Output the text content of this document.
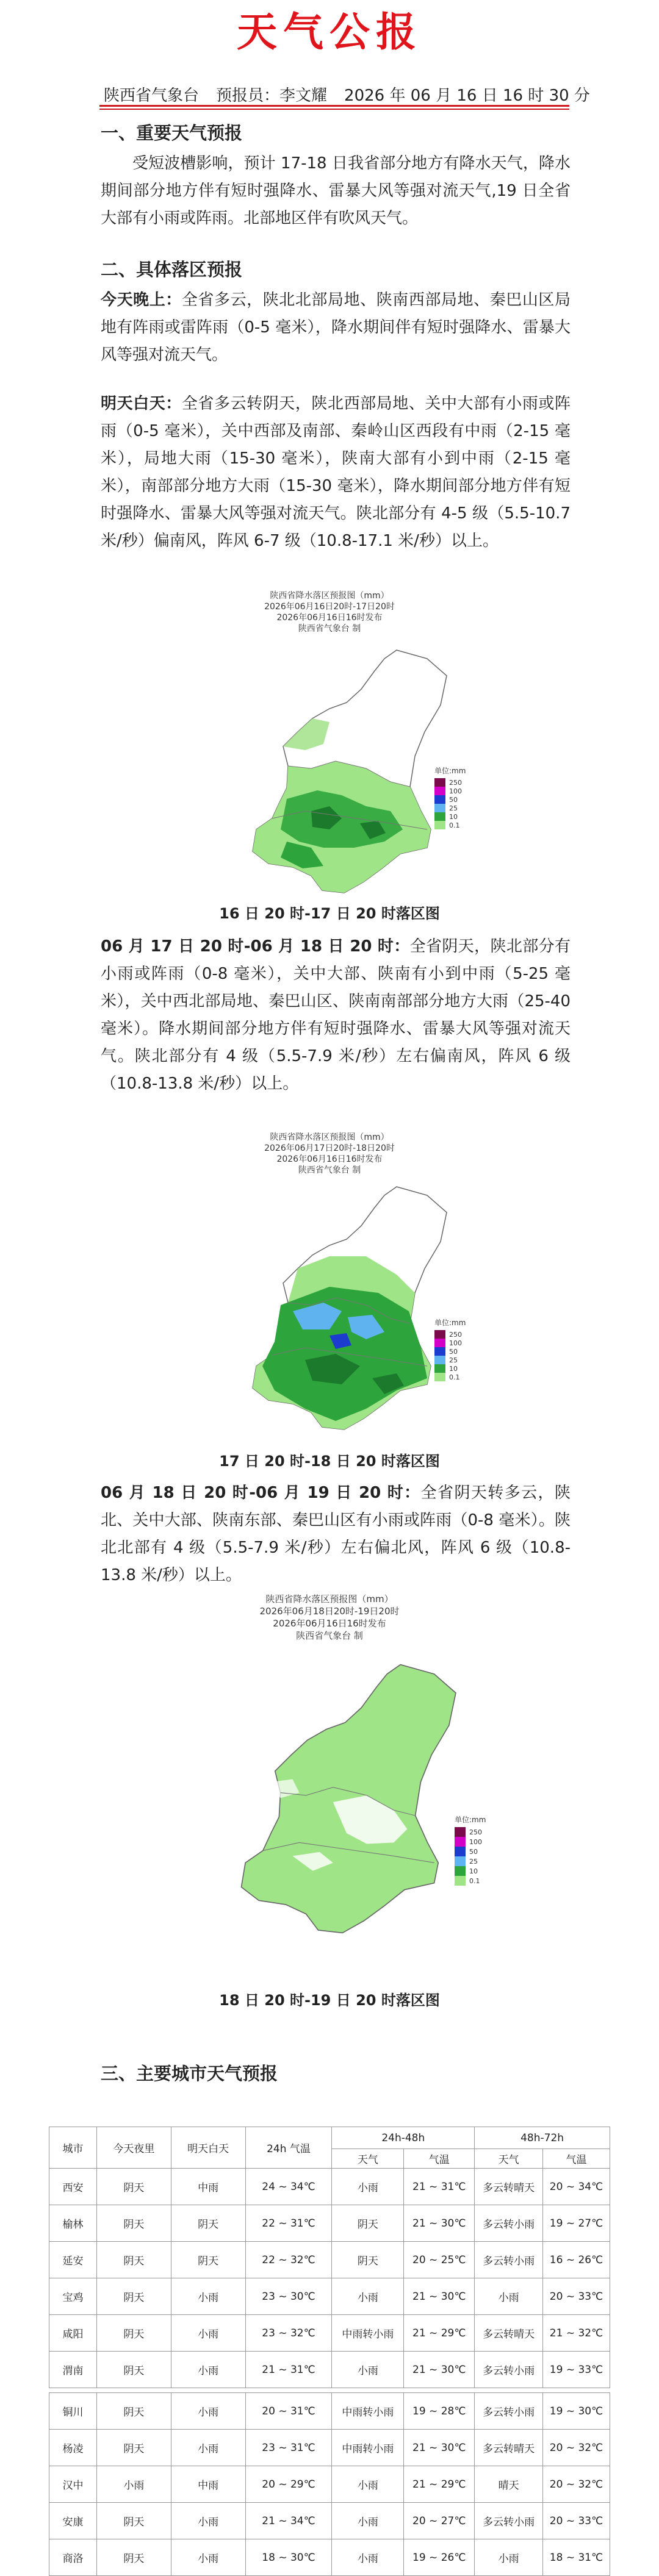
天气公报
陕西省气象台 预报员：李文耀 2026 年 06 月 16 日 16 时 30 分
一、重要天气预报
受短波槽影响，预计 17-18 日我省部分地方有降水天气，降水期间部分地方伴有短时强降水、雷暴大风等强对流天气,19 日全省大部有小雨或阵雨。北部地区伴有吹风天气。
二、具体落区预报
今天晚上：全省多云，陕北北部局地、陕南西部局地、秦巴山区局地有阵雨或雷阵雨（0-5 毫米），降水期间伴有短时强降水、雷暴大风等强对流天气。
明天白天：全省多云转阴天，陕北西部局地、关中大部有小雨或阵雨（0-5 毫米），关中西部及南部、秦岭山区西段有中雨（2-15 毫米），局地大雨（15-30 毫米），陕南大部有小到中雨（2-15 毫米），南部部分地方大雨（15-30 毫米），降水期间部分地方伴有短时强降水、雷暴大风等强对流天气。陕北部分有 4-5 级（5.5-10.7 米/秒）偏南风，阵风 6-7 级（10.8-17.1 米/秒）以上。
陕西省降水落区预报图（mm）
2026年06月16日20时-17日20时
2026年06月16日16时发布
陕西省气象台 制
单位:mm
250
100
50
25
10
0.1
16 日 20 时-17 日 20 时落区图
06 月 17 日 20 时-06 月 18 日 20 时：全省阴天，陕北部分有小雨或阵雨（0-8 毫米），关中大部、陕南有小到中雨（5-25 毫米），关中西北部局地、秦巴山区、陕南南部部分地方大雨（25-40 毫米）。降水期间部分地方伴有短时强降水、雷暴大风等强对流天气。陕北部分有 4 级（5.5-7.9 米/秒）左右偏南风，阵风 6 级（10.8-13.8 米/秒）以上。
陕西省降水落区预报图（mm）
2026年06月17日20时-18日20时
2026年06月16日16时发布
陕西省气象台 制
单位:mm
250
100
50
25
10
0.1
17 日 20 时-18 日 20 时落区图
06 月 18 日 20 时-06 月 19 日 20 时：全省阴天转多云，陕北、关中大部、陕南东部、秦巴山区有小雨或阵雨（0-8 毫米）。陕北北部有 4 级（5.5-7.9 米/秒）左右偏北风，阵风 6 级（10.8-13.8 米/秒）以上。
陕西省降水落区预报图（mm）
2026年06月18日20时-19日20时
2026年06月16日16时发布
陕西省气象台 制
单位:mm
250
100
50
25
10
0.1
18 日 20 时-19 日 20 时落区图
三、主要城市天气预报
城市	今天夜里	明天白天	24h 气温	24h-48h		48h-72h	
				天气	气温	天气	气温
西安	阴天	中雨	24 ~ 34℃	小雨	21 ~ 31℃	多云转晴天	20 ~ 34℃
榆林	阴天	阴天	22 ~ 31℃	阴天	21 ~ 30℃	多云转小雨	19 ~ 27℃
延安	阴天	阴天	22 ~ 32℃	阴天	20 ~ 25℃	多云转小雨	16 ~ 26℃
宝鸡	阴天	小雨	23 ~ 30℃	小雨	21 ~ 30℃	小雨	20 ~ 33℃
咸阳	阴天	小雨	23 ~ 32℃	中雨转小雨	21 ~ 29℃	多云转晴天	21 ~ 32℃
渭南	阴天	小雨	21 ~ 31℃	小雨	21 ~ 30℃	多云转小雨	19 ~ 33℃

铜川	阴天	小雨	20 ~ 31℃	中雨转小雨	19 ~ 28℃	多云转小雨	19 ~ 30℃
杨凌	阴天	小雨	23 ~ 31℃	中雨转小雨	21 ~ 30℃	多云转晴天	20 ~ 32℃
汉中	小雨	中雨	20 ~ 29℃	小雨	21 ~ 29℃	晴天	20 ~ 32℃
安康	阴天	小雨	21 ~ 34℃	小雨	20 ~ 27℃	多云转小雨	20 ~ 33℃
商洛	阴天	小雨	18 ~ 30℃	小雨	19 ~ 26℃	小雨	18 ~ 31℃
